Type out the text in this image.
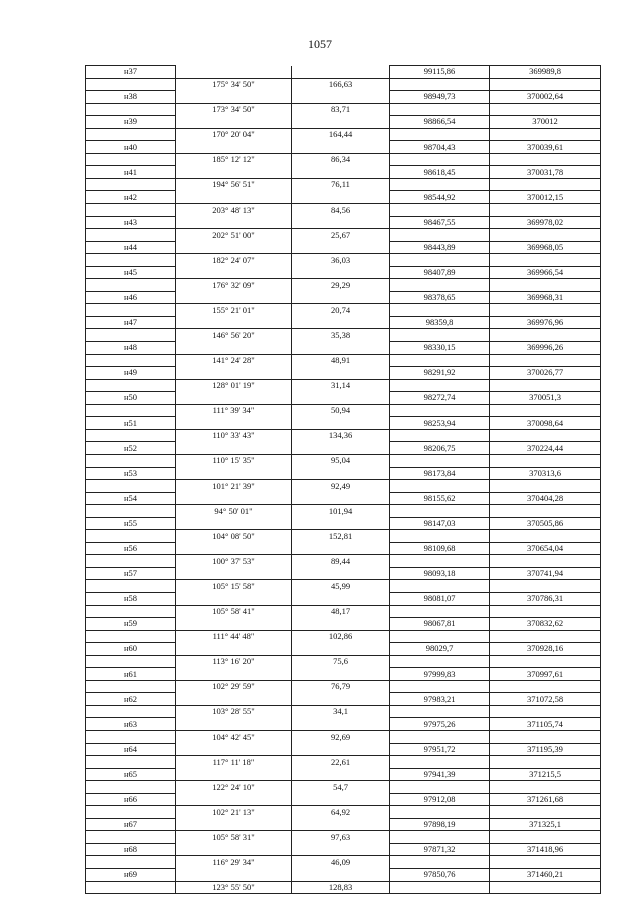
1057
н37			99115,86	369989,8
	175° 34' 50"	166,63		
н38			98949,73	370002,64
	173° 34' 50"	83,71		
н39			98866,54	370012
	170° 20' 04"	164,44		
н40			98704,43	370039,61
	185° 12' 12"	86,34		
н41			98618,45	370031,78
	194° 56' 51"	76,11		
н42			98544,92	370012,15
	203° 48' 13"	84,56		
н43			98467,55	369978,02
	202° 51' 00"	25,67		
н44			98443,89	369968,05
	182° 24' 07"	36,03		
н45			98407,89	369966,54
	176° 32' 09"	29,29		
н46			98378,65	369968,31
	155° 21' 01"	20,74		
н47			98359,8	369976,96
	146° 56' 20"	35,38		
н48			98330,15	369996,26
	141° 24' 28"	48,91		
н49			98291,92	370026,77
	128° 01' 19"	31,14		
н50			98272,74	370051,3
	111° 39' 34"	50,94		
н51			98253,94	370098,64
	110° 33' 43"	134,36		
н52			98206,75	370224,44
	110° 15' 35"	95,04		
н53			98173,84	370313,6
	101° 21' 39"	92,49		
н54			98155,62	370404,28
	94° 50' 01"	101,94		
н55			98147,03	370505,86
	104° 08' 50"	152,81		
н56			98109,68	370654,04
	100° 37' 53"	89,44		
н57			98093,18	370741,94
	105° 15' 58"	45,99		
н58			98081,07	370786,31
	105° 58' 41"	48,17		
н59			98067,81	370832,62
	111° 44' 48"	102,86		
н60			98029,7	370928,16
	113° 16' 20"	75,6		
н61			97999,83	370997,61
	102° 29' 59"	76,79		
н62			97983,21	371072,58
	103° 28' 55"	34,1		
н63			97975,26	371105,74
	104° 42' 45"	92,69		
н64			97951,72	371195,39
	117° 11' 18"	22,61		
н65			97941,39	371215,5
	122° 24' 10"	54,7		
н66			97912,08	371261,68
	102° 21' 13"	64,92		
н67			97898,19	371325,1
	105° 58' 31"	97,63		
н68			97871,32	371418,96
	116° 29' 34"	46,09		
н69			97850,76	371460,21
	123° 55' 50"	128,83		
